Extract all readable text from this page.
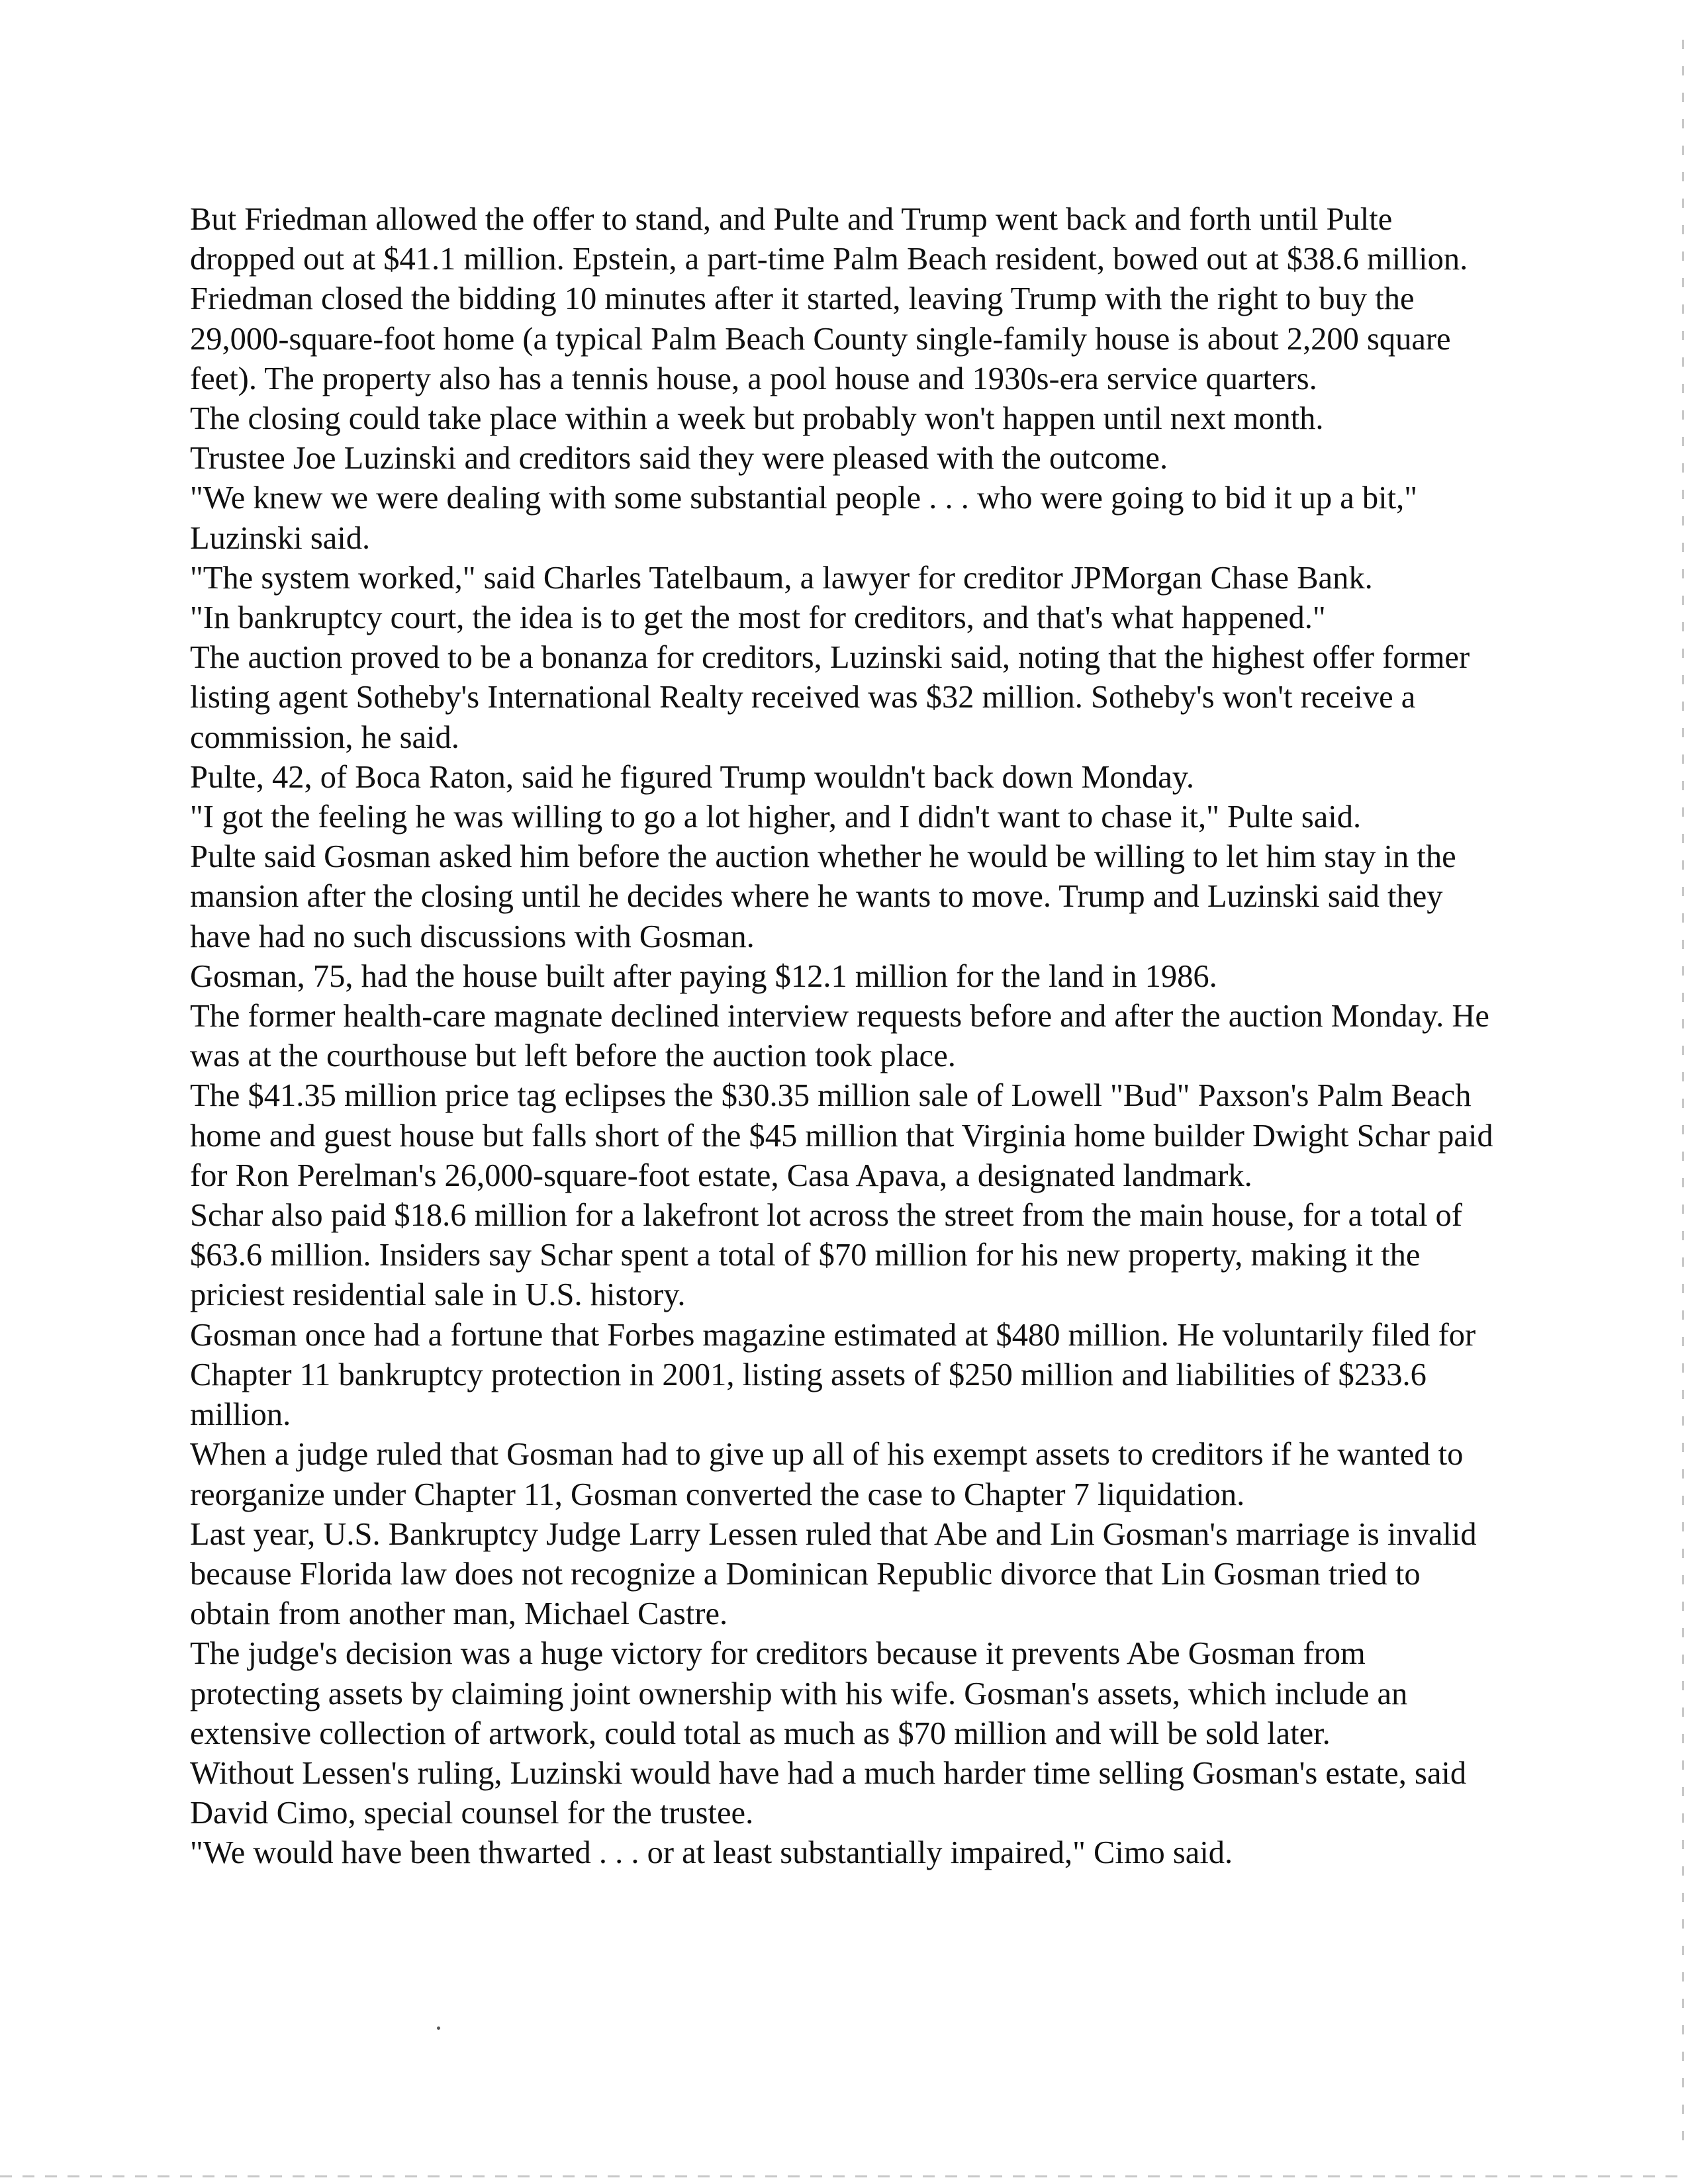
But Friedman allowed the offer to stand, and Pulte and Trump went back and forth until Pulte dropped out at $41.1 million. Epstein, a part-time Palm Beach resident, bowed out at $38.6 million.

Friedman closed the bidding 10 minutes after it started, leaving Trump with the right to buy the 29,000-square-foot home (a typical Palm Beach County single-family house is about 2,200 square feet). The property also has a tennis house, a pool house and 1930s-era service quarters.

The closing could take place within a week but probably won't happen until next month.

Trustee Joe Luzinski and creditors said they were pleased with the outcome.

"We knew we were dealing with some substantial people . . . who were going to bid it up a bit," Luzinski said.

"The system worked," said Charles Tatelbaum, a lawyer for creditor JPMorgan Chase Bank.

"In bankruptcy court, the idea is to get the most for creditors, and that's what happened."

The auction proved to be a bonanza for creditors, Luzinski said, noting that the highest offer former listing agent Sotheby's International Realty received was $32 million. Sotheby's won't receive a commission, he said.

Pulte, 42, of Boca Raton, said he figured Trump wouldn't back down Monday.

"I got the feeling he was willing to go a lot higher, and I didn't want to chase it," Pulte said.

Pulte said Gosman asked him before the auction whether he would be willing to let him stay in the mansion after the closing until he decides where he wants to move. Trump and Luzinski said they have had no such discussions with Gosman.

Gosman, 75, had the house built after paying $12.1 million for the land in 1986.

The former health-care magnate declined interview requests before and after the auction Monday. He was at the courthouse but left before the auction took place.

The $41.35 million price tag eclipses the $30.35 million sale of Lowell "Bud" Paxson's Palm Beach home and guest house but falls short of the $45 million that Virginia home builder Dwight Schar paid for Ron Perelman's 26,000-square-foot estate, Casa Apava, a designated landmark.

Schar also paid $18.6 million for a lakefront lot across the street from the main house, for a total of $63.6 million. Insiders say Schar spent a total of $70 million for his new property, making it the priciest residential sale in U.S. history.

Gosman once had a fortune that Forbes magazine estimated at $480 million. He voluntarily filed for Chapter 11 bankruptcy protection in 2001, listing assets of $250 million and liabilities of $233.6 million.

When a judge ruled that Gosman had to give up all of his exempt assets to creditors if he wanted to reorganize under Chapter 11, Gosman converted the case to Chapter 7 liquidation.

Last year, U.S. Bankruptcy Judge Larry Lessen ruled that Abe and Lin Gosman's marriage is invalid because Florida law does not recognize a Dominican Republic divorce that Lin Gosman tried to obtain from another man, Michael Castre.

The judge's decision was a huge victory for creditors because it prevents Abe Gosman from protecting assets by claiming joint ownership with his wife. Gosman's assets, which include an extensive collection of artwork, could total as much as $70 million and will be sold later.

Without Lessen's ruling, Luzinski would have had a much harder time selling Gosman's estate, said David Cimo, special counsel for the trustee.

"We would have been thwarted . . . or at least substantially impaired," Cimo said.
